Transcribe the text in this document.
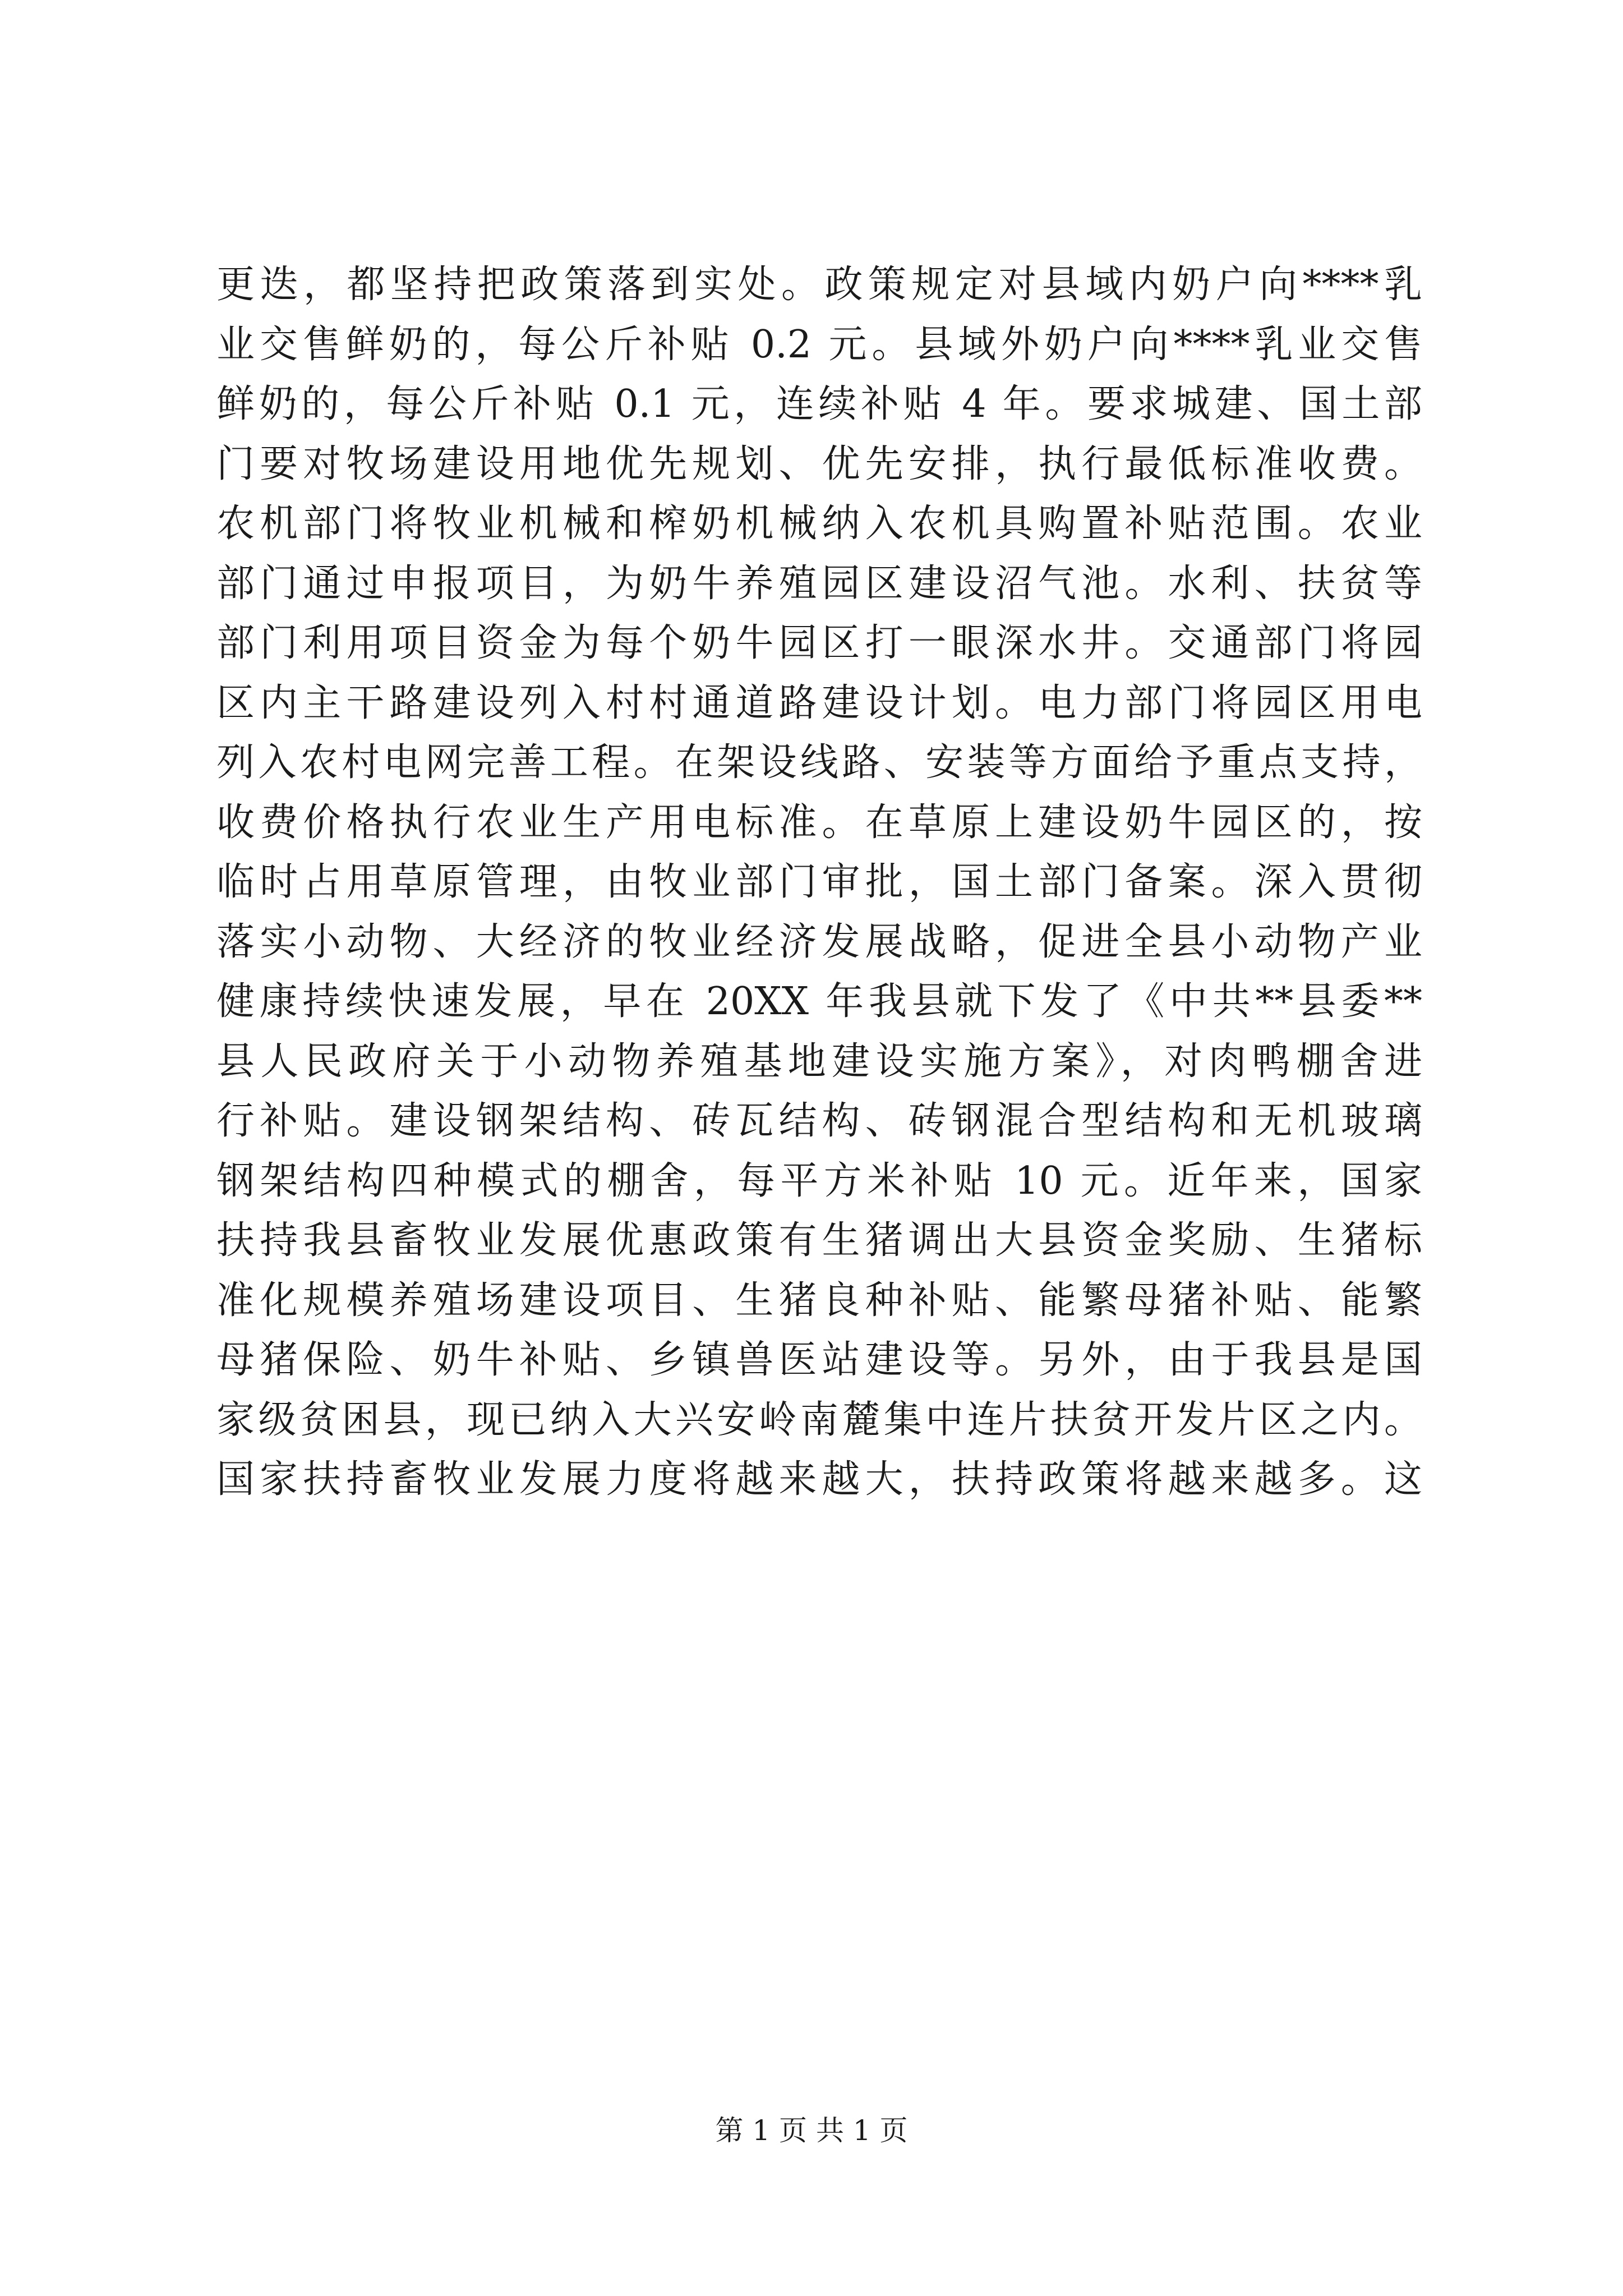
更迭，都坚持把政策落到实处。政策规定对县域内奶户向****乳
业交售鲜奶的，每公斤补贴 0.2 元。县域外奶户向****乳业交售
鲜奶的，每公斤补贴 0.1 元，连续补贴 4 年。要求城建、国土部
门要对牧场建设用地优先规划、优先安排，执行最低标准收费。
农机部门将牧业机械和榨奶机械纳入农机具购置补贴范围。农业
部门通过申报项目，为奶牛养殖园区建设沼气池。水利、扶贫等
部门利用项目资金为每个奶牛园区打一眼深水井。交通部门将园
区内主干路建设列入村村通道路建设计划。电力部门将园区用电
列入农村电网完善工程。在架设线路、安装等方面给予重点支持，
收费价格执行农业生产用电标准。在草原上建设奶牛园区的，按
临时占用草原管理，由牧业部门审批，国土部门备案。深入贯彻
落实小动物、大经济的牧业经济发展战略，促进全县小动物产业
健康持续快速发展，早在 20XX 年我县就下发了《中共**县委**
县人民政府关于小动物养殖基地建设实施方案》，对肉鸭棚舍进
行补贴。建设钢架结构、砖瓦结构、砖钢混合型结构和无机玻璃
钢架结构四种模式的棚舍，每平方米补贴 10 元。近年来，国家
扶持我县畜牧业发展优惠政策有生猪调出大县资金奖励、生猪标
准化规模养殖场建设项目、生猪良种补贴、能繁母猪补贴、能繁
母猪保险、奶牛补贴、乡镇兽医站建设等。另外，由于我县是国
家级贫困县，现已纳入大兴安岭南麓集中连片扶贫开发片区之内。
国家扶持畜牧业发展力度将越来越大，扶持政策将越来越多。这
第 1 页 共 1 页
